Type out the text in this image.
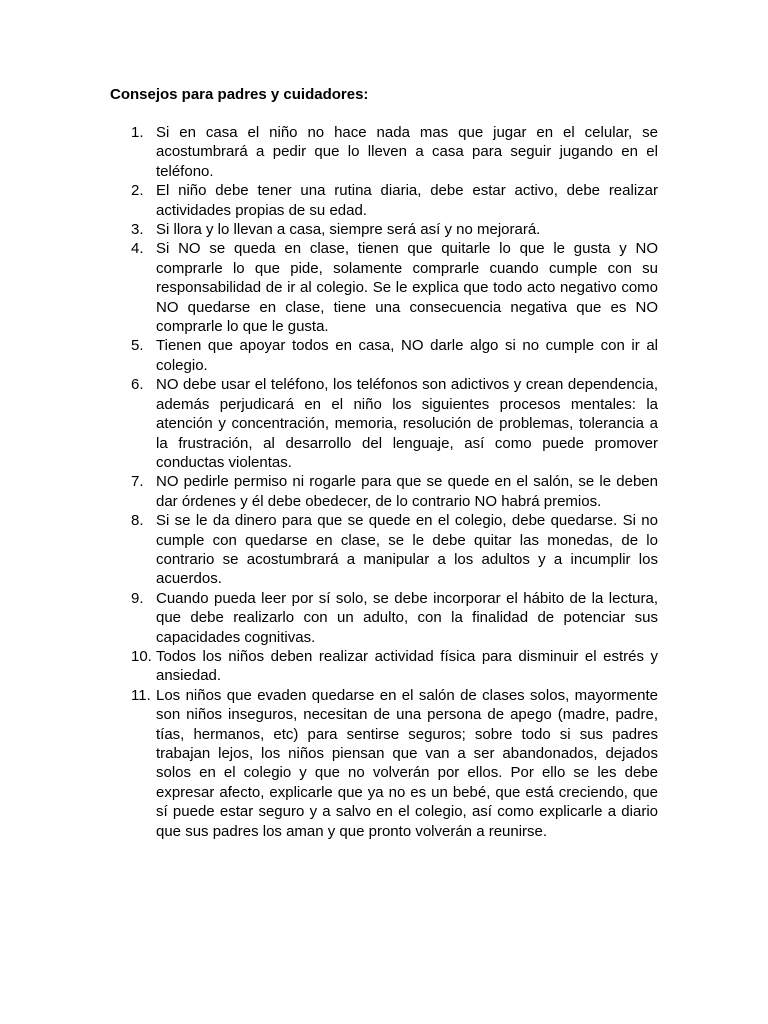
Consejos para padres y cuidadores:

1. Si en casa el niño no hace nada mas que jugar en el celular, se acostumbrará a pedir que lo lleven a casa para seguir jugando en el teléfono.
2. El niño debe tener una rutina diaria, debe estar activo, debe realizar actividades propias de su edad.
3. Si llora y lo llevan a casa, siempre será así y no mejorará.
4. Si NO se queda en clase, tienen que quitarle lo que le gusta y NO comprarle lo que pide, solamente comprarle cuando cumple con su responsabilidad de ir al colegio. Se le explica que todo acto negativo como NO quedarse en clase, tiene una consecuencia negativa que es NO comprarle lo que le gusta.
5. Tienen que apoyar todos en casa, NO darle algo si no cumple con ir al colegio.
6. NO debe usar el teléfono, los teléfonos son adictivos y crean dependencia, además perjudicará en el niño los siguientes procesos mentales: la atención y concentración, memoria, resolución de problemas, tolerancia a la frustración, al desarrollo del lenguaje, así como puede promover conductas violentas.
7. NO pedirle permiso ni rogarle para que se quede en el salón, se le deben dar órdenes y él debe obedecer, de lo contrario NO habrá premios.
8. Si se le da dinero para que se quede en el colegio, debe quedarse. Si no cumple con quedarse en clase, se le debe quitar las monedas, de lo contrario se acostumbrará a manipular a los adultos y a incumplir los acuerdos.
9. Cuando pueda leer por sí solo, se debe incorporar el hábito de la lectura, que debe realizarlo con un adulto, con la finalidad de potenciar sus capacidades cognitivas.
10. Todos los niños deben realizar actividad física para disminuir el estrés y ansiedad.
11. Los niños que evaden quedarse en el salón de clases solos, mayormente son niños inseguros, necesitan de una persona de apego (madre, padre, tías, hermanos, etc) para sentirse seguros; sobre todo si sus padres trabajan lejos, los niños piensan que van a ser abandonados, dejados solos en el colegio y que no volverán por ellos. Por ello se les debe expresar afecto, explicarle que ya no es un bebé, que está creciendo, que sí puede estar seguro y a salvo en el colegio, así como explicarle a diario que sus padres los aman y que pronto volverán a reunirse.
